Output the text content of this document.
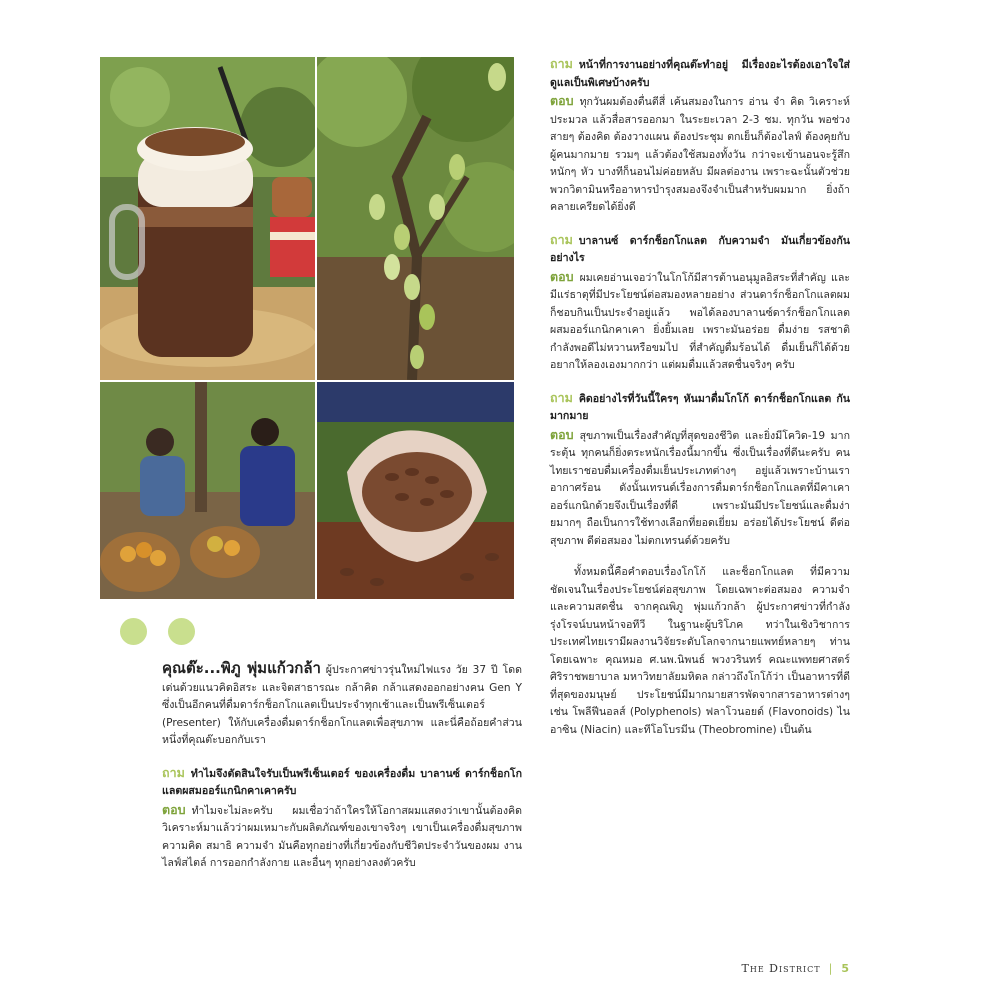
คุณต๊ะ...พิภู พุ่มแก้วกล้า ผู้ประกาศข่าวรุ่นใหม่ไฟแรง วัย 37 ปี โดดเด่นด้วยแนวคิดอิสระ และจิตสาธารณะ กล้าคิด กล้าแสดงออกอย่างคน Gen Y ซึ่งเป็นอีกคนที่ดื่มดาร์กช็อกโกแลตเป็นประจำทุกเช้าและเป็นพรีเซ็นเตอร์ (Presenter) ให้กับเครื่องดื่มดาร์กช็อกโกแลตเพื่อสุขภาพ และนี่คือถ้อยคำส่วนหนึ่งที่คุณต๊ะบอกกับเรา

ถาม ทำไมจึงตัดสินใจรับเป็นพรีเซ็นเตอร์ ของเครื่องดื่ม บาลานซ์ ดาร์กช็อกโกแลตผสมออร์แกนิกคาเคาครับ

ตอบ ทำไมจะไม่ละครับ ผมเชื่อว่าถ้าใครให้โอกาสผมแสดงว่าเขานั้นต้องคิดวิเคราะห์มาแล้วว่าผมเหมาะกับผลิตภัณฑ์ของเขาจริงๆ เขาเป็นเครื่องดื่มสุขภาพ ความคิด สมาธิ ความจำ มันคือทุกอย่างที่เกี่ยวข้องกับชีวิตประจำวันของผม งาน ไลฟ์สไตล์ การออกกำลังกาย และอื่นๆ ทุกอย่างลงตัวครับ

ถาม หน้าที่การงานอย่างที่คุณต๊ะทำอยู่ มีเรื่องอะไรต้องเอาใจใส่ดูแลเป็นพิเศษบ้างครับ

ตอบ ทุกวันผมต้องตื่นตีสี่ เค้นสมองในการ อ่าน จำ คิด วิเคราะห์ ประมวล แล้วสื่อสารออกมา ในระยะเวลา 2-3 ชม. ทุกวัน พอช่วงสายๆ ต้องคิด ต้องวางแผน ต้องประชุม ตกเย็นก็ต้องไลฟ์ ต้องคุยกับผู้คนมากมาย รวมๆ แล้วต้องใช้สมองทั้งวัน กว่าจะเข้านอนจะรู้สึกหนักๆ หัว บางทีก็นอนไม่ค่อยหลับ มีผลต่องาน เพราะฉะนั้นตัวช่วยพวกวิตามินหรืออาหารบำรุงสมองจึงจำเป็นสำหรับผมมาก ยิ่งถ้าคลายเครียดได้ยิ่งดี

ถาม บาลานซ์ ดาร์กช็อกโกแลต กับความจำ มันเกี่ยวข้องกันอย่างไร

ตอบ ผมเคยอ่านเจอว่าในโกโก้มีสารต้านอนุมูลอิสระที่สำคัญ และมีแร่ธาตุที่มีประโยชน์ต่อสมองหลายอย่าง ส่วนดาร์กช็อกโกแลตผมก็ชอบกินเป็นประจำอยู่แล้ว พอได้ลองบาลานซ์ดาร์กช็อกโกแลตผสมออร์แกนิกคาเคา ยิ่งยิ้มเลย เพราะมันอร่อย ดื่มง่าย รสชาติกำลังพอดีไม่หวานหรือขมไป ที่สำคัญดื่มร้อนได้ ดื่มเย็นก็ได้ด้วย อยากให้ลองเองมากกว่า แต่ผมดื่มแล้วสดชื่นจริงๆ ครับ

ถาม คิดอย่างไรที่วันนี้ใครๆ หันมาดื่มโกโก้ ดาร์กช็อกโกแลต กันมากมาย

ตอบ สุขภาพเป็นเรื่องสำคัญที่สุดของชีวิต และยิ่งมีโควิด-19 มากระตุ้น ทุกคนก็ยิ่งตระหนักเรื่องนี้มากขึ้น ซึ่งเป็นเรื่องที่ดีนะครับ คนไทยเราชอบดื่มเครื่องดื่มเย็นประเภทต่างๆ อยู่แล้วเพราะบ้านเราอากาศร้อน ดังนั้นเทรนด์เรื่องการดื่มดาร์กช็อกโกแลตที่มีคาเคาออร์แกนิกด้วยจึงเป็นเรื่องที่ดี เพราะมันมีประโยชน์และดื่มง่ายมากๆ ถือเป็นการใช้ทางเลือกที่ยอดเยี่ยม อร่อยได้ประโยชน์ ดีต่อสุขภาพ ดีต่อสมอง ไม่ตกเทรนด์ด้วยครับ

ทั้งหมดนี้คือคำตอบเรื่องโกโก้ และช็อกโกแลต ที่มีความชัดเจนในเรื่องประโยชน์ต่อสุขภาพ โดยเฉพาะต่อสมอง ความจำ และความสดชื่น จากคุณพิภู พุ่มแก้วกล้า ผู้ประกาศข่าวที่กำลังรุ่งโรจน์บนหน้าจอทีวี ในฐานะผู้บริโภค ทว่าในเชิงวิชาการประเทศไทยเรามีผลงานวิจัยระดับโลกจากนายแพทย์หลายๆ ท่าน โดยเฉพาะ คุณหมอ ศ.นพ.นิพนธ์ พวงวรินทร์ คณะแพทยศาสตร์ ศิริราชพยาบาล มหาวิทยาลัยมหิดล กล่าวถึงโกโก้ว่า เป็นอาหารที่ดีที่สุดของมนุษย์ ประโยชน์มีมากมายสารพัดจากสารอาหารต่างๆ เช่น โพลีฟีนอลส์ (Polyphenols) ฟลาโวนอยด์ (Flavonoids) ไนอาซิน (Niacin) และทีโอโบรมีน (Theobromine) เป็นต้น

The District | 5
